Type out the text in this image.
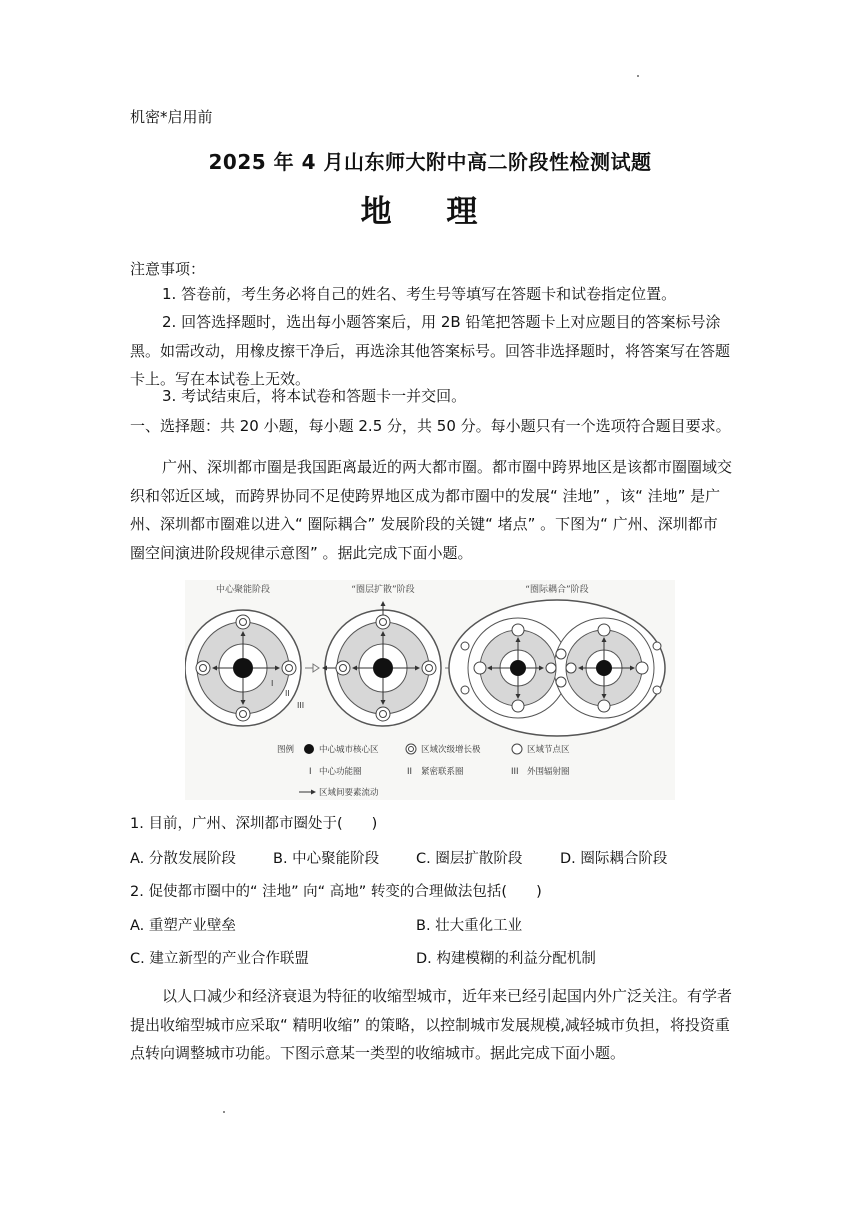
机密*启用前
2025 年 4 月山东师大附中高二阶段性检测试题
地 理
注意事项：
1. 答卷前，考生务必将自己的姓名、考生号等填写在答题卡和试卷指定位置。
2. 回答选择题时，选出每小题答案后，用 2B 铅笔把答题卡上对应题目的答案标号涂黑。如需改动，用橡皮擦干净后，再选涂其他答案标号。回答非选择题时，将答案写在答题卡上。写在本试卷上无效。
3. 考试结束后，将本试卷和答题卡一并交回。
一、选择题：共 20 小题，每小题 2.5 分，共 50 分。每小题只有一个选项符合题目要求。
广州、深圳都市圈是我国距离最近的两大都市圈。都市圈中跨界地区是该都市圈圈域交织和邻近区域，而跨界协同不足使跨界地区成为都市圈中的发展“ 洼地” ，该“ 洼地” 是广州、深圳都市圈难以进入“ 圈际耦合” 发展阶段的关键“ 堵点” 。下图为“ 广州、深圳都市圈空间演进阶段规律示意图” 。据此完成下面小题。
中心聚能阶段	“圈层扩散”阶段	“圈际耦合”阶段
I
II
III
图例	中心城市核心区	区域次级增长极	区域节点区
I 中心功能圈	II 紧密联系圈	III 外围辐射圈
区域间要素流动
1. 目前，广州、深圳都市圈处于(　　)
A. 分散发展阶段	B. 中心聚能阶段	C. 圈层扩散阶段	D. 圈际耦合阶段
2. 促使都市圈中的“ 洼地” 向“ 高地” 转变的合理做法包括(　　)
A. 重塑产业壁垒	B. 壮大重化工业
C. 建立新型的产业合作联盟	D. 构建模糊的利益分配机制
以人口减少和经济衰退为特征的收缩型城市，近年来已经引起国内外广泛关注。有学者提出收缩型城市应采取“ 精明收缩” 的策略，以控制城市发展规模,减轻城市负担，将投资重点转向调整城市功能。下图示意某一类型的收缩城市。据此完成下面小题。
